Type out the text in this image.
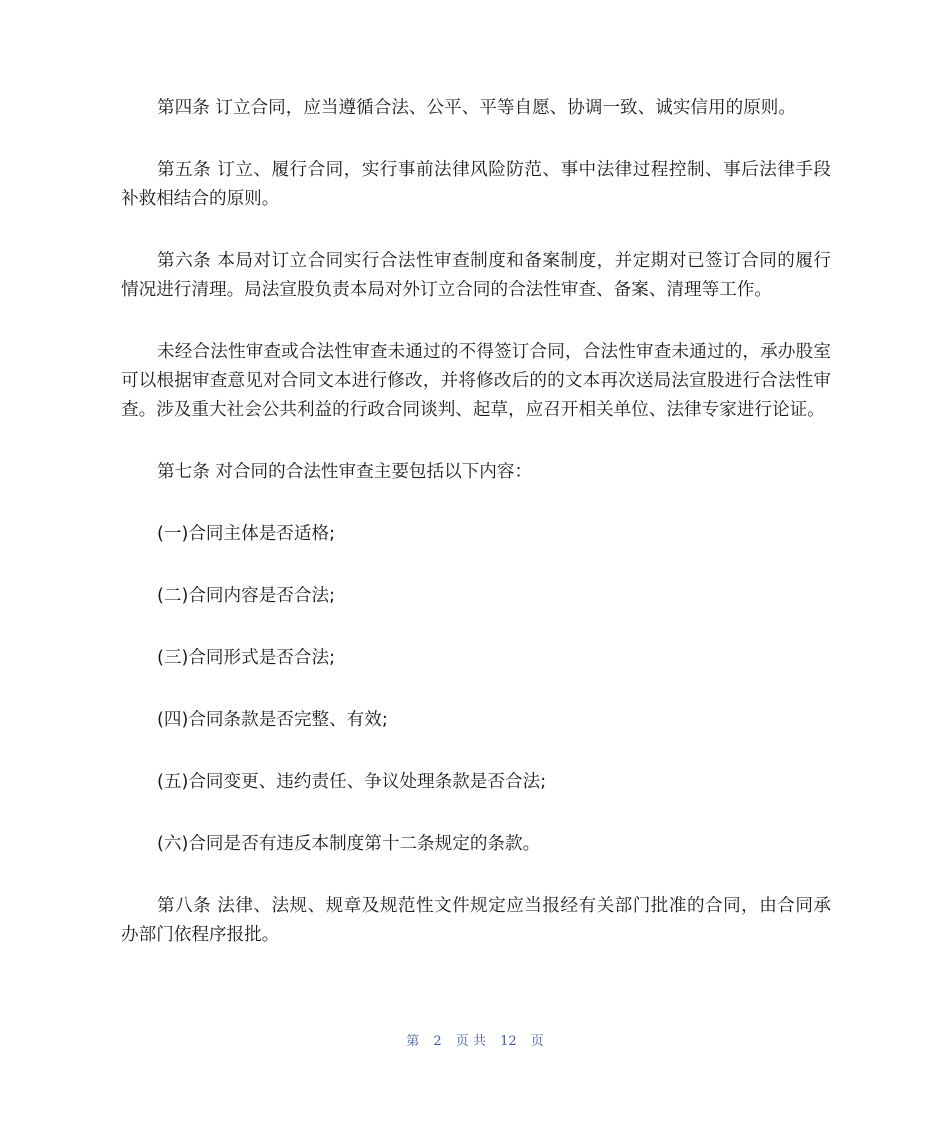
第四条 订立合同，应当遵循合法、公平、平等自愿、协调一致、诚实信用的原则。

第五条 订立、履行合同，实行事前法律风险防范、事中法律过程控制、事后法律手段补救相结合的原则。

第六条 本局对订立合同实行合法性审查制度和备案制度，并定期对已签订合同的履行情况进行清理。局法宣股负责本局对外订立合同的合法性审查、备案、清理等工作。

未经合法性审查或合法性审查未通过的不得签订合同，合法性审查未通过的，承办股室可以根据审查意见对合同文本进行修改，并将修改后的的文本再次送局法宣股进行合法性审查。涉及重大社会公共利益的行政合同谈判、起草，应召开相关单位、法律专家进行论证。

第七条 对合同的合法性审查主要包括以下内容：

(一)合同主体是否适格;

(二)合同内容是否合法;

(三)合同形式是否合法;

(四)合同条款是否完整、有效;

(五)合同变更、违约责任、争议处理条款是否合法;

(六)合同是否有违反本制度第十二条规定的条款。

第八条 法律、法规、规章及规范性文件规定应当报经有关部门批准的合同，由合同承办部门依程序报批。

第 2 页 共 12 页
